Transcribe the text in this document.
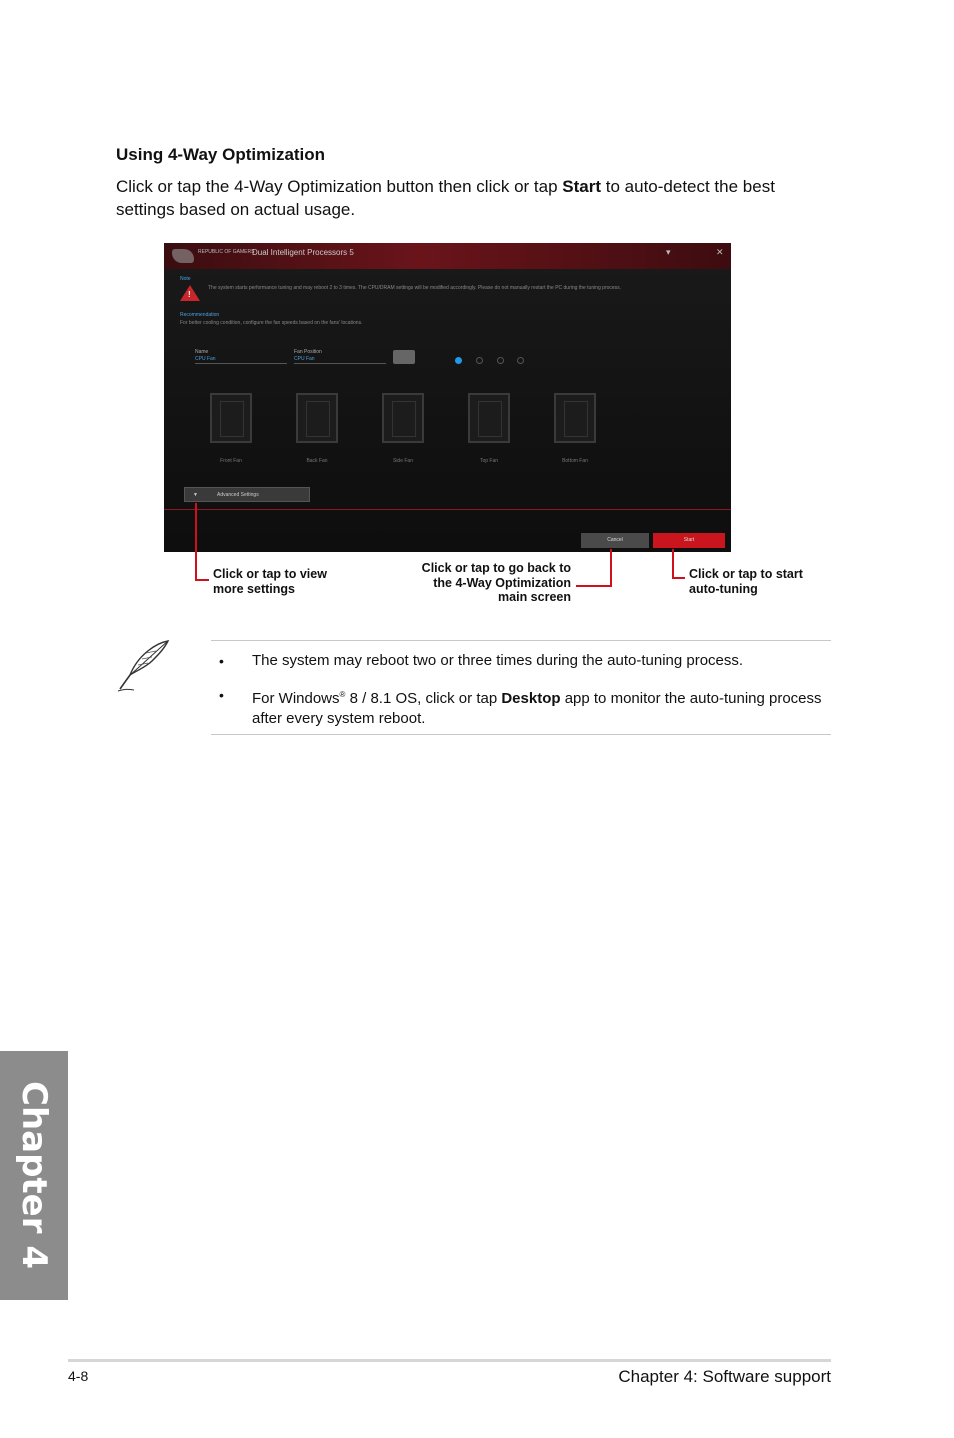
Using 4-Way Optimization
Click or tap the 4-Way Optimization button then click or tap Start to auto-detect the best settings based on actual usage.
REPUBLIC OF GAMERS
Dual Intelligent Processors 5	▾	✕
Note
!
The system starts performance tuning and may reboot 2 to 3 times. The CPU/DRAM settings will be modified accordingly. Please do not manually restart the PC during the tuning process.
Recommendation
For better cooling condition, configure the fan speeds based on the fans' locations.
Name
CPU Fan
Fan Position
CPU Fan
Front Fan	Back Fan	Side Fan	Top Fan	Bottom Fan
▼	Advanced Settings
Cancel	Start
Click or tap to view more settings
Click or tap to go back to the 4-Way Optimization main screen
Click or tap to start auto-tuning
• The system may reboot two or three times during the auto-tuning process.
• For Windows® 8 / 8.1 OS, click or tap Desktop app to monitor the auto-tuning process after every system reboot.
Chapter 4
4-8	Chapter 4: Software support
